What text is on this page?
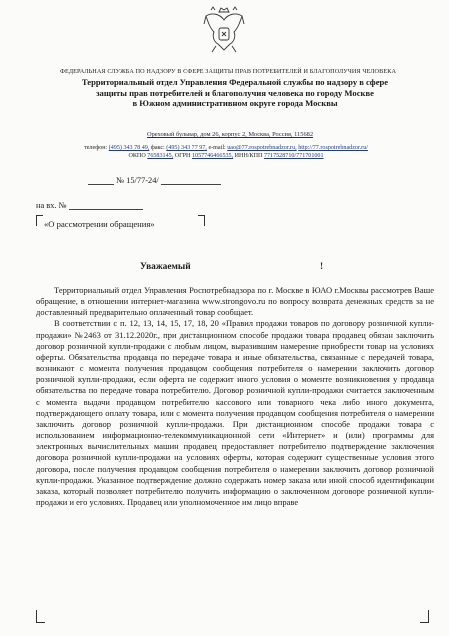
ФЕДЕРАЛЬНАЯ СЛУЖБА ПО НАДЗОРУ В СФЕРЕ ЗАЩИТЫ ПРАВ ПОТРЕБИТЕЛЕЙ И БЛАГОПОЛУЧИЯ ЧЕЛОВЕКА
Территориальный отдел Управления Федеральной службы по надзору в сфере
защиты прав потребителей и благополучия человека по городу Москве
в Южном административном округе города Москвы
Ореховый бульвар, дом 26, корпус 2, Москва, Россия, 115682
телефон: (495) 343 78 49, факс: (495) 343 77 97, e-mail: uao@77.rospotrebnadzor.ru, http://77.rospotrebnadzor.ru/
ОКПО 76583145, ОГРН 1057746466535, ИНН/КПП 7717528710/771701001
№ 15/77-24/
на вх. №
«О рассмотрении обращения»
Уважаемый	!

Территориальный отдел Управления Роспотребнадзора по г. Москве в ЮАО г.Москвы рассмотрев Ваше обращение, в отношении интернет-магазина www.strongovo.ru по вопросу возврата денежных средств за не доставленный предварительно оплаченный товар сообщает.

В соответствии с п. 12, 13, 14, 15, 17, 18, 20 «Правил продажи товаров по договору розничной купли- продажи» №2463 от 31.12.2020г., при дистанционном способе продажи товара продавец обязан заключить договор розничной купли-продажи с любым лицом, выразившим намерение приобрести товар на условиях оферты. Обязательства продавца по передаче товара и иные обязательства, связанные с передачей товара, возникают с момента получения продавцом сообщения потребителя о намерении заключить договор розничной купли-продажи, если оферта не содержит иного условия о моменте возникновения у продавца обязательства по передаче товара потребителю. Договор розничной купли-продажи считается заключенным с момента выдачи продавцом потребителю кассового или товарного чека либо иного документа, подтверждающего оплату товара, или с момента получения продавцом сообщения потребителя о намерении заключить договор розничной купли-продажи. При дистанционном способе продажи товара с использованием информационно-телекоммуникационной сети «Интернет» и (или) программы для электронных вычислительных машин продавец предоставляет потребителю подтверждение заключения договора розничной купли-продажи на условиях оферты, которая содержит существенные условия этого договора, после получения продавцом сообщения потребителя о намерении заключить договор розничной купли-продажи. Указанное подтверждение должно содержать номер заказа или иной способ идентификации заказа, который позволяет потребителю получить информацию о заключенном договоре розничной купли-продажи и его условиях. Продавец или уполномоченное им лицо вправе
